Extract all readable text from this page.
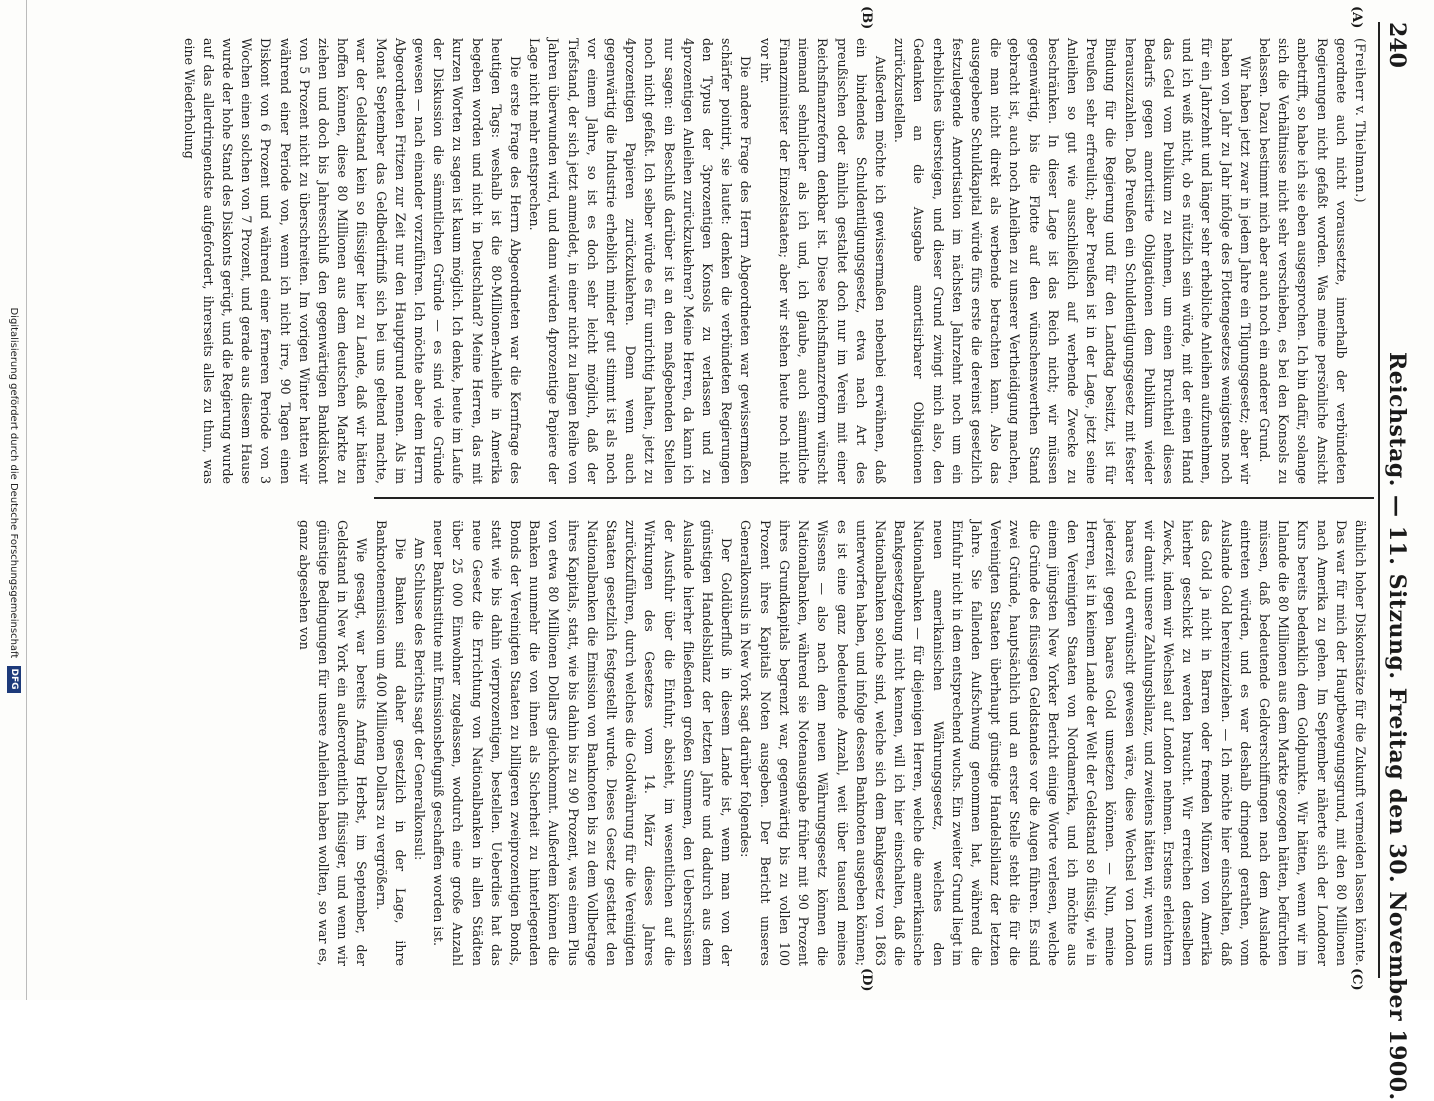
240
Reichstag. — 11. Sitzung. Freitag den 30. November 1900.
(A)
(B)
(C)
(D)

(Freiherr v. Thielmann.)

geordnete auch nicht voraussetzte, innerhalb der verbündeten Regierungen nicht gefaßt worden. Was meine persönliche Ansicht anbetrifft, so habe ich sie eben ausgesprochen. Ich bin dafür, solange sich die Verhältnisse nicht sehr verschieben, es bei den Konsols zu belassen. Dazu bestimmt mich aber auch noch ein anderer Grund.

Wir haben jetzt zwar in jedem Jahre ein Tilgungsgesetz; aber wir haben von Jahr zu Jahr infolge des Flottengesetzes wenigstens noch für ein Jahrzehnt und länger sehr erhebliche Anleihen aufzunehmen, und ich weiß nicht, ob es nützlich sein würde, mit der einen Hand das Geld vom Publikum zu nehmen, um einen Bruchtheil dieses Bedarfs gegen amortisirte Obligationen dem Publikum wieder herauszuzahlen. Daß Preußen ein Schuldentilgungsgesetz mit fester Bindung für die Regierung und für den Landtag besitzt, ist für Preußen sehr erfreulich; aber Preußen ist in der Lage, jetzt seine Anleihen so gut wie ausschließlich auf werbende Zwecke zu beschränken. In dieser Lage ist das Reich nicht; wir müssen gegenwärtig, bis die Flotte auf den wünschenswerthen Stand gebracht ist, auch noch Anleihen zu unserer Vertheidigung machen, die man nicht direkt als werbende betrachten kann. Also das ausgegebene Schuldkapital würde fürs erste die dereinst gesetzlich festzulegende Amortisation im nächsten Jahrzehnt noch um ein erhebliches übersteigen, und dieser Grund zwingt mich also, den Gedanken an die Ausgabe amortisirbarer Obligationen zurückzustellen.

Außerdem möchte ich gewissermaßen nebenbei erwähnen, daß ein bindendes Schuldentilgungsgesetz, etwa nach Art des preußischen oder ähnlich gestaltet doch nur im Verein mit einer Reichsfinanzreform denkbar ist. Diese Reichsfinanzreform wünscht niemand sehnlicher als ich und, ich glaube, auch sämmtliche Finanzminister der Einzelstaaten; aber wir stehen heute noch nicht vor ihr.

Die andere Frage des Herrn Abgeordneten war gewissermaßen schärfer pointirt, sie lautet: denken die verbündeten Regierungen den Typus der 3prozentigen Konsols zu verlassen und zu 4prozentigen Anleihen zurückzukehren? Meine Herren, da kann ich nur sagen: ein Beschluß darüber ist an den maßgebenden Stellen noch nicht gefaßt. Ich selber würde es für unrichtig halten, jetzt zu 4prozentigen Papieren zurückzukehren. Denn wenn auch gegenwärtig die Industrie erheblich minder gut stimmt ist als noch vor einem Jahre, so ist es doch sehr leicht möglich, daß der Tiefstand, der sich jetzt anmeldet, in einer nicht zu langen Reihe von Jahren überwunden wird, und dann würden 4prozentige Papiere der Lage nicht mehr entsprechen.

Die erste Frage des Herrn Abgeordneten war die Kernfrage des heutigen Tags: weshalb ist die 80-Millionen-Anleihe in Amerika begeben worden und nicht in Deutschland? Meine Herren, das mit kurzen Worten zu sagen ist kaum möglich. Ich denke, heute im Laufe der Diskussion die sämmtlichen Gründe — es sind viele Gründe gewesen — nach einander vorzuführen. Ich möchte aber dem Herrn Abgeordneten Fritzen zur Zeit nur den Hauptgrund nennen. Als im Monat September das Geldbedürfniß sich bei uns geltend machte, war der Geldstand kein so flüssiger hier zu Lande, daß wir hätten hoffen können, diese 80 Millionen aus dem deutschen Markte zu ziehen und doch bis Jahresschluß den gegenwärtigen Bankdiskont von 5 Prozent nicht zu überschreiten. Im vorigen Winter hatten wir während einer Periode von, wenn ich nicht irre, 90 Tagen einen Diskont von 6 Prozent und während einer ferneren Periode von 3 Wochen einen solchen von 7 Prozent, und gerade aus diesem Hause wurde der hohe Stand des Diskonts gerügt, und die Regierung wurde auf das allerdringendste aufgefordert, ihrerseits alles zu thun, was eine Wiederholung

ähnlich hoher Diskontsätze für die Zukunft vermeiden lassen könnte. Das war für mich der Hauptbewegungsgrund, mit den 80 Millionen nach Amerika zu gehen. Im September näherte sich der Londoner Kurs bereits bedenklich dem Goldpunkte. Wir hätten, wenn wir im Inlande die 80 Millionen aus dem Markte gezogen hätten, befürchten müssen, daß bedeutende Geldverschiffungen nach dem Auslande eintreten würden, und es war deshalb dringend gerathen, vom Auslande Gold hereinzuziehen. — Ich möchte hier einschalten, daß das Gold ja nicht in Barren oder fremden Münzen von Amerika hierher geschickt zu werden braucht. Wir erreichen denselben Zweck, indem wir Wechsel auf London nehmen. Erstens erleichtern wir damit unsere Zahlungsbilanz, und zweitens hätten wir, wenn uns baares Geld erwünscht gewesen wäre, diese Wechsel von London jederzeit gegen baares Gold umsetzen können. — Nun, meine Herren, ist in keinem Lande der Welt der Geldstand so flüssig, wie in den Vereinigten Staaten von Nordamerika, und ich möchte aus einem jüngsten New Yorker Bericht einige Worte verlesen, welche die Gründe des flüssigen Geldstandes vor die Augen führen. Es sind zwei Gründe, hauptsächlich und an erster Stelle steht die für die Vereinigten Staaten überhaupt günstige Handelsbilanz der letzten Jahre. Sie fallenden Aufschwung genommen hat, während die Einfuhr nicht in dem entsprechend wuchs. Ein zweiter Grund liegt im neuen amerikanischen Währungsgesetz, welches den Nationalbanken — für diejenigen Herren, welche die amerikanische Bankgesetzgebung nicht kennen, will ich hier einschalten, daß die Nationalbanken solche sind, welche sich dem Bankgesetz von 1863 unterworfen haben, und infolge dessen Banknoten ausgeben können; es ist eine ganz bedeutende Anzahl, weit über tausend meines Wissens — also nach dem neuen Währungsgesetz können die Nationalbanken, während sie Notenausgabe früher mit 90 Prozent ihres Grundkapitals begrenzt war, gegenwärtig bis zu vollen 100 Prozent ihres Kapitals Noten ausgeben. Der Bericht unseres Generalkonsuls in New York sagt darüber folgendes:

Der Goldüberfluß in diesem Lande ist, wenn man von der günstigen Handelsbilanz der letzten Jahre und dadurch aus dem Auslande hierher fließenden großen Summen, den Ueberschüssen der Ausfuhr über die Einfuhr, absieht, im wesentlichen auf die Wirkungen des Gesetzes vom 14. März dieses Jahres zurückzuführen, durch welches die Goldwährung für die Vereinigten Staaten gesetzlich festgestellt wurde. Dieses Gesetz gestattet den Nationalbanken die Emission von Banknoten bis zu dem Vollbetrage ihres Kapitals, statt, wie bis dahin bis zu 90 Prozent, was einem Plus von etwa 80 Millionen Dollars gleichkommt. Außerdem können die Banken nunmehr die von ihnen als Sicherheit zu hinterlegenden Bonds der Vereinigten Staaten zu billigeren zweiprozentigen Bonds, statt wie bis dahin vierprozentigen, bestellen. Ueberdies hat das neue Gesetz die Errichtung von Nationalbanken in allen Städten über 25 000 Einwohner zugelassen, wodurch eine große Anzahl neuer Bankinstitute mit Emissionsbefugniß geschaffen worden ist.

Am Schlusse des Berichts sagt der Generalkonsul:

Die Banken sind daher gesetzlich in der Lage, ihre Banknotenemission um 400 Millionen Dollars zu vergrößern.

Wie gesagt, war bereits Anfang Herbst, im September, der Geldstand in New York ein außerordentlich flüssiger, und wenn wir günstige Bedingungen für unsere Anleihen haben wollten, so war es, ganz abgesehen von

Digitalisierung gefördert durch die Deutsche Forschungsgemeinschaft DFG
